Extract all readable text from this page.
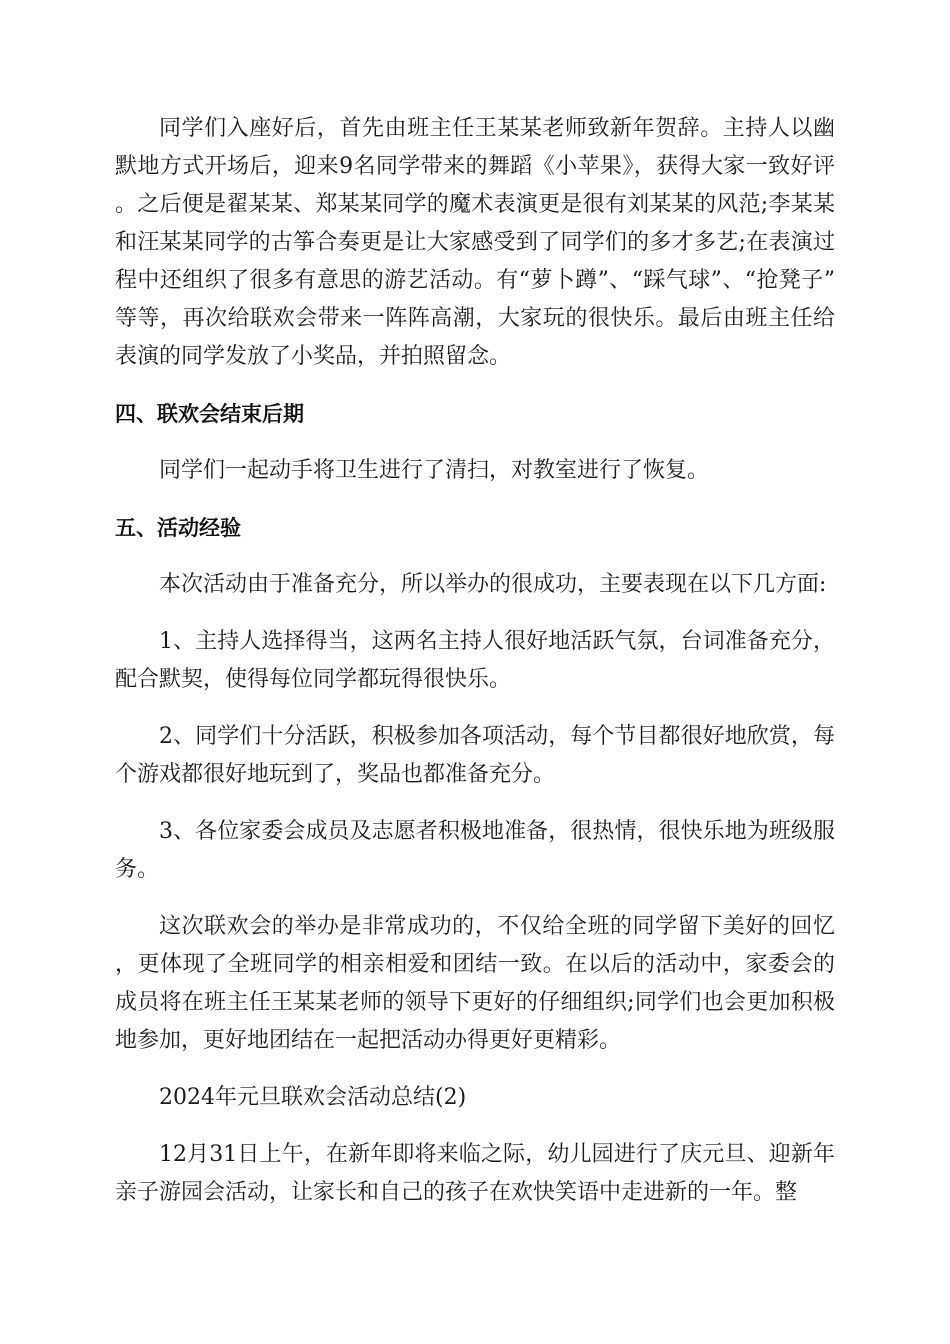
同学们入座好后，首先由班主任王某某老师致新年贺辞。主持人以幽默地方式开场后，迎来9名同学带来的舞蹈《小苹果》，获得大家一致好评。之后便是翟某某、郑某某同学的魔术表演更是很有刘某某的风范;李某某和汪某某同学的古筝合奏更是让大家感受到了同学们的多才多艺;在表演过程中还组织了很多有意思的游艺活动。有“萝卜蹲”、“踩气球”、“抢凳子”等等，再次给联欢会带来一阵阵高潮，大家玩的很快乐。最后由班主任给表演的同学发放了小奖品，并拍照留念。

四、联欢会结束后期

同学们一起动手将卫生进行了清扫，对教室进行了恢复。

五、活动经验

本次活动由于准备充分，所以举办的很成功，主要表现在以下几方面:

1、主持人选择得当，这两名主持人很好地活跃气氛，台词准备充分，配合默契，使得每位同学都玩得很快乐。

2、同学们十分活跃，积极参加各项活动，每个节目都很好地欣赏，每个游戏都很好地玩到了，奖品也都准备充分。

3、各位家委会成员及志愿者积极地准备，很热情，很快乐地为班级服务。

这次联欢会的举办是非常成功的，不仅给全班的同学留下美好的回忆，更体现了全班同学的相亲相爱和团结一致。在以后的活动中，家委会的成员将在班主任王某某老师的领导下更好的仔细组织;同学们也会更加积极地参加，更好地团结在一起把活动办得更好更精彩。

2024年元旦联欢会活动总结(2)

12月31日上午，在新年即将来临之际，幼儿园进行了庆元旦、迎新年亲子游园会活动，让家长和自己的孩子在欢快笑语中走进新的一年。整
